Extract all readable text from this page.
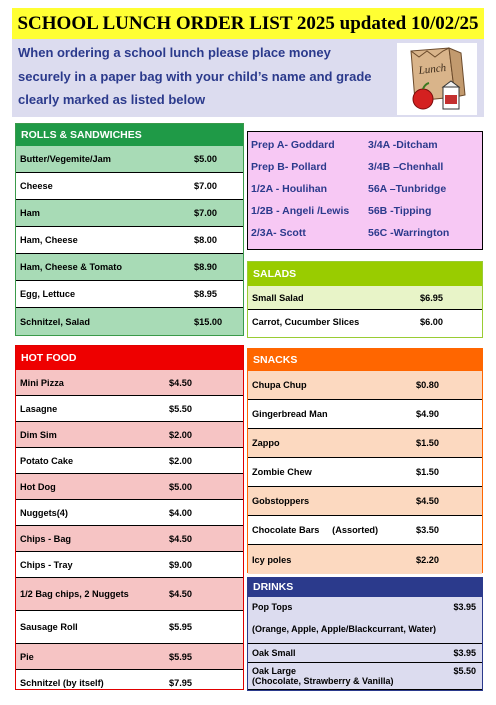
SCHOOL LUNCH ORDER LIST 2025 updated 10/02/25
When ordering a school lunch please place money
securely in a paper bag with your child’s name and grade
clearly marked as listed below
Lunch
ROLLS & SANDWICHES
Butter/Vegemite/Jam	$5.00
Cheese	$7.00
Ham	$7.00
Ham, Cheese	$8.00
Ham, Cheese & Tomato	$8.90
Egg, Lettuce	$8.95
Schnitzel, Salad	$15.00
Prep A- Goddard
Prep B- Pollard
1/2A - Houlihan
1/2B - Angeli /Lewis
2/3A- Scott
3/4A -Ditcham
3/4B –Chenhall
56A –Tunbridge
56B -Tipping
56C -Warrington
SALADS
Small Salad	$6.95
Carrot, Cucumber Slices	$6.00
HOT FOOD
Mini Pizza	$4.50
Lasagne	$5.50
Dim Sim	$2.00
Potato Cake	$2.00
Hot Dog	$5.00
Nuggets(4)	$4.00
Chips - Bag	$4.50
Chips - Tray	$9.00
1/2 Bag chips, 2 Nuggets	$4.50
Sausage Roll	$5.95
Pie	$5.95
Schnitzel (by itself)	$7.95
SNACKS
Chupa Chup	$0.80
Gingerbread Man	$4.90
Zappo	$1.50
Zombie Chew	$1.50
Gobstoppers	$4.50
Chocolate Bars     (Assorted)	$3.50
Icy poles	$2.20
DRINKS
Pop Tops	$3.95
(Orange, Apple, Apple/Blackcurrant, Water)
Oak Small	$3.95
Oak Large	$5.50
(Chocolate, Strawberry & Vanilla)
